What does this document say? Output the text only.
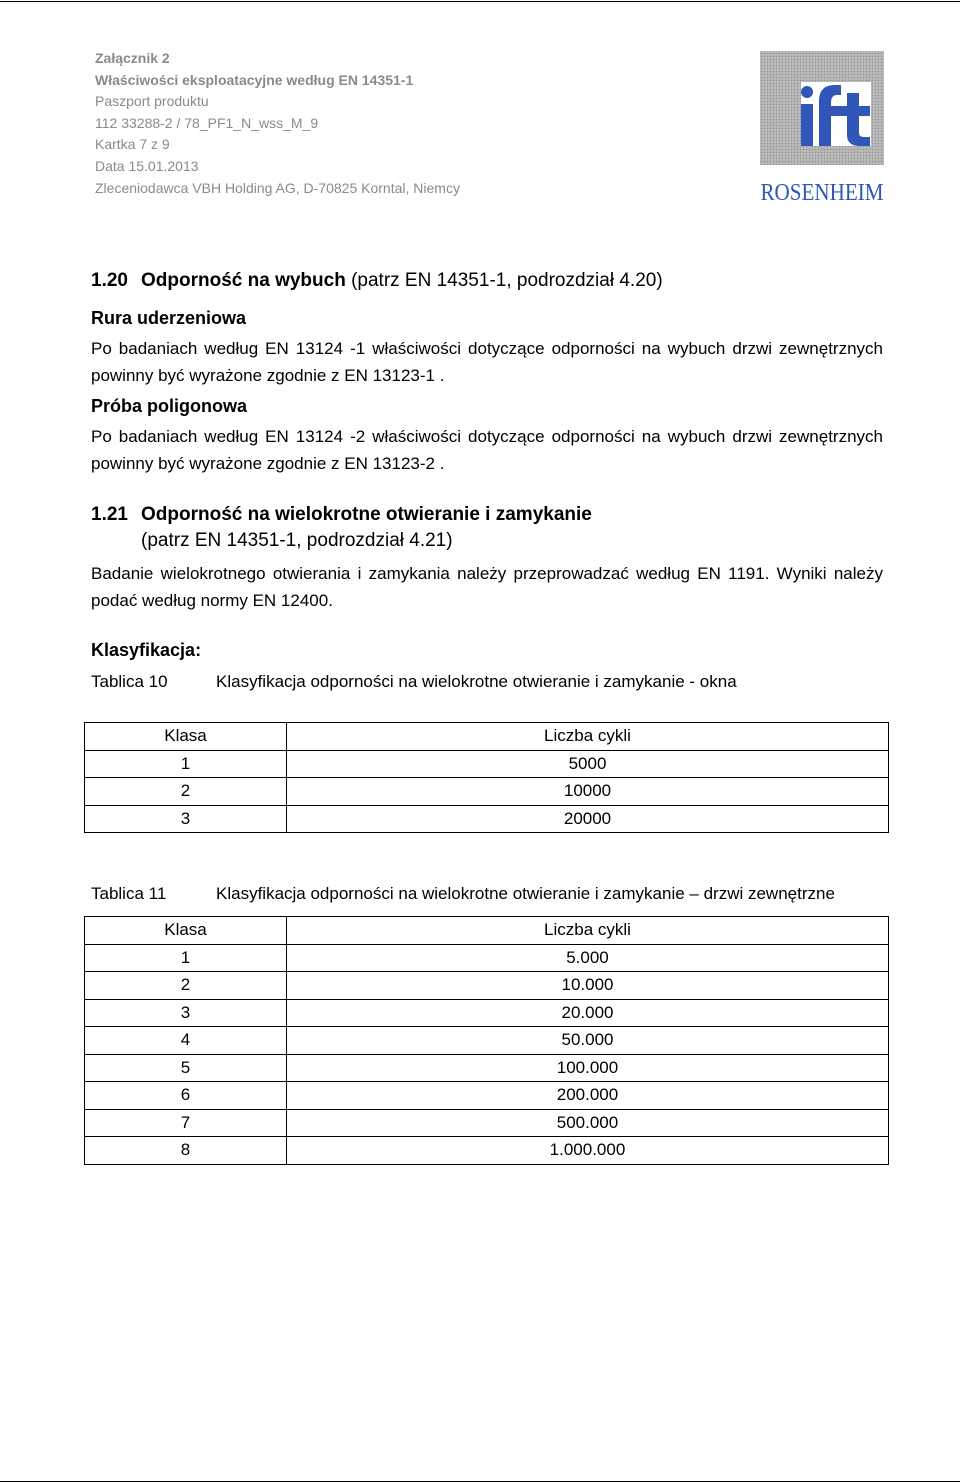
Załącznik 2
Właściwości eksploatacyjne według EN 14351-1
Paszport produktu
112 33288-2 / 78_PF1_N_wss_M_9
Kartka 7 z 9
Data 15.01.2013
Zleceniodawca VBH Holding AG, D-70825 Korntal, Niemcy	ROSENHEIM
1.20 Odporność na wybuch (patrz EN 14351-1, podrozdział 4.20)
Rura uderzeniowa
Po badaniach według EN 13124 -1 właściwości dotyczące odporności na wybuch drzwi zewnętrznych powinny być wyrażone zgodnie z EN 13123-1 .
Próba poligonowa
Po badaniach według EN 13124 -2 właściwości dotyczące odporności na wybuch drzwi zewnętrznych powinny być wyrażone zgodnie z EN 13123-2 .
1.21 Odporność na wielokrotne otwieranie i zamykanie
(patrz EN 14351-1, podrozdział 4.21)
Badanie wielokrotnego otwierania i zamykania należy przeprowadzać według EN 1191. Wyniki należy podać według normy EN 12400.
Klasyfikacja:
Tablica 10	Klasyfikacja odporności na wielokrotne otwieranie i zamykanie - okna
Klasa	Liczba cykli
1	5000
2	10000
3	20000
Tablica 11	Klasyfikacja odporności na wielokrotne otwieranie i zamykanie – drzwi zewnętrzne
Klasa	Liczba cykli
1	5.000
2	10.000
3	20.000
4	50.000
5	100.000
6	200.000
7	500.000
8	1.000.000
